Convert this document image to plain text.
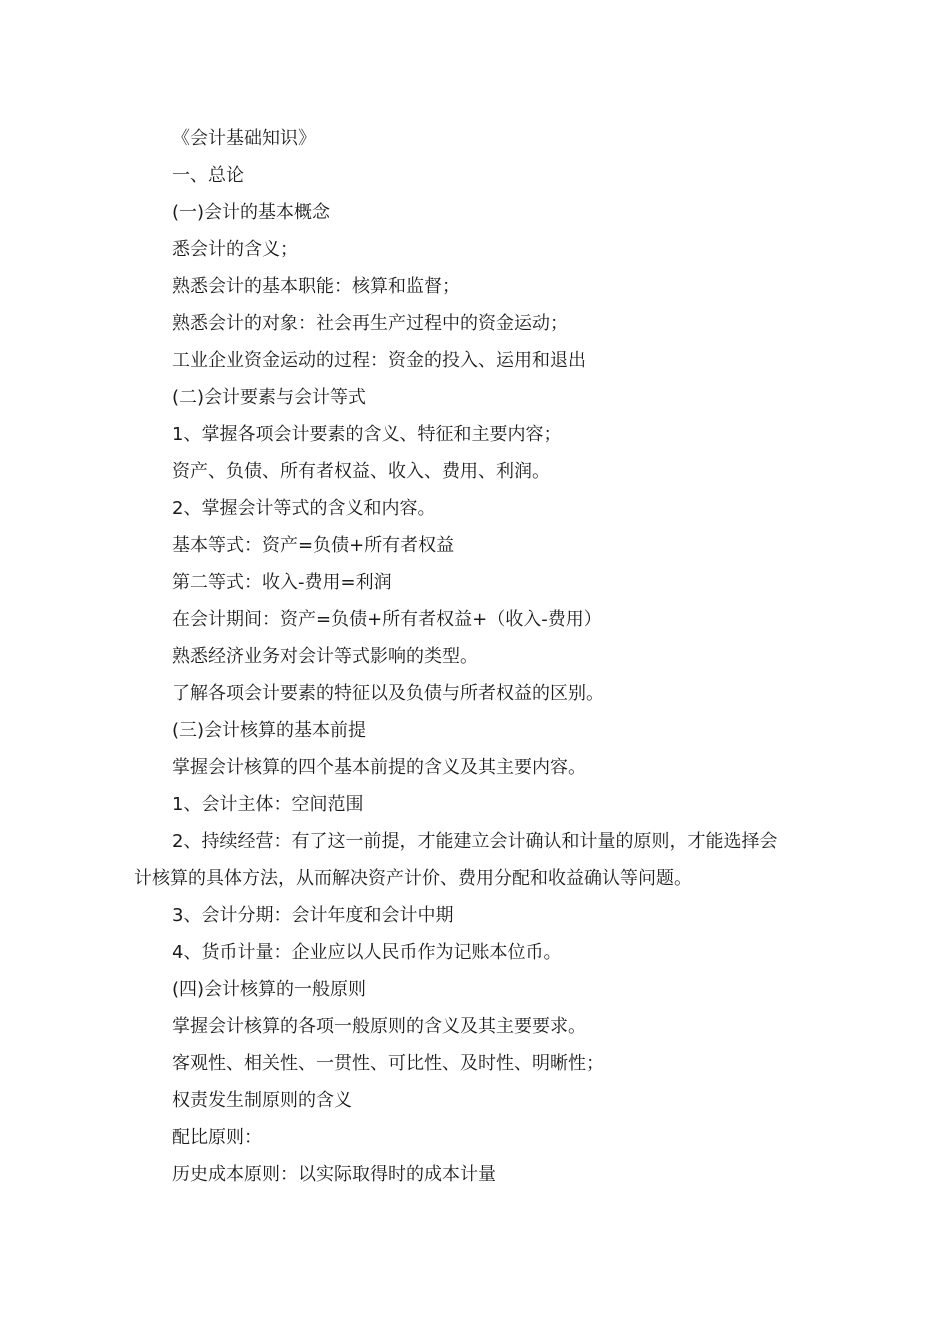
《会计基础知识》
一、总论
(一)会计的基本概念
悉会计的含义；
熟悉会计的基本职能：核算和监督；
熟悉会计的对象：社会再生产过程中的资金运动；
工业企业资金运动的过程：资金的投入、运用和退出
(二)会计要素与会计等式
1、掌握各项会计要素的含义、特征和主要内容；
资产、负债、所有者权益、收入、费用、利润。
2、掌握会计等式的含义和内容。
基本等式：资产=负债+所有者权益
第二等式：收入-费用=利润
在会计期间：资产=负债+所有者权益+（收入-费用）
熟悉经济业务对会计等式影响的类型。
了解各项会计要素的特征以及负债与所者权益的区别。
(三)会计核算的基本前提
掌握会计核算的四个基本前提的含义及其主要内容。
1、会计主体：空间范围
2、持续经营：有了这一前提，才能建立会计确认和计量的原则，才能选择会计核算的具体方法，从而解决资产计价、费用分配和收益确认等问题。
3、会计分期：会计年度和会计中期
4、货币计量：企业应以人民币作为记账本位币。
(四)会计核算的一般原则
掌握会计核算的各项一般原则的含义及其主要要求。
客观性、相关性、一贯性、可比性、及时性、明晰性；
权责发生制原则的含义
配比原则：
历史成本原则：以实际取得时的成本计量
